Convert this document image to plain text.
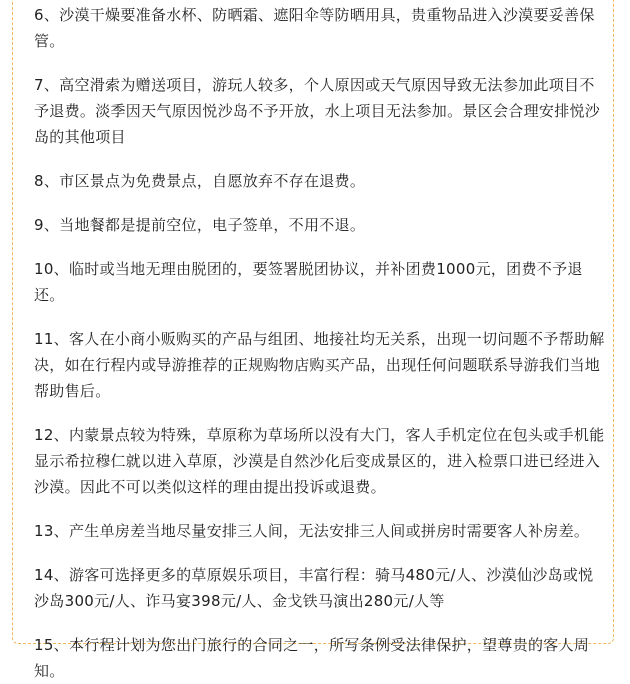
6、沙漠干燥要准备水杯、防晒霜、遮阳伞等防晒用具，贵重物品进入沙漠要妥善保管。

7、高空滑索为赠送项目，游玩人较多，个人原因或天气原因导致无法参加此项目不予退费。淡季因天气原因悦沙岛不予开放，水上项目无法参加。景区会合理安排悦沙岛的其他项目

8、市区景点为免费景点，自愿放弃不存在退费。

9、当地餐都是提前空位，电子签单，不用不退。

10、临时或当地无理由脱团的，要签署脱团协议，并补团费1000元，团费不予退还。

11、客人在小商小贩购买的产品与组团、地接社均无关系，出现一切问题不予帮助解决，如在行程内或导游推荐的正规购物店购买产品，出现任何问题联系导游我们当地帮助售后。

12、内蒙景点较为特殊，草原称为草场所以没有大门，客人手机定位在包头或手机能显示希拉穆仁就以进入草原，沙漠是自然沙化后变成景区的，进入检票口进已经进入沙漠。因此不可以类似这样的理由提出投诉或退费。

13、产生单房差当地尽量安排三人间，无法安排三人间或拼房时需要客人补房差。

14、游客可选择更多的草原娱乐项目，丰富行程：骑马480元/人、沙漠仙沙岛或悦沙岛300元/人、诈马宴398元/人、金戈铁马演出280元/人等

15、本行程计划为您出门旅行的合同之一，所写条例受法律保护，望尊贵的客人周知。
